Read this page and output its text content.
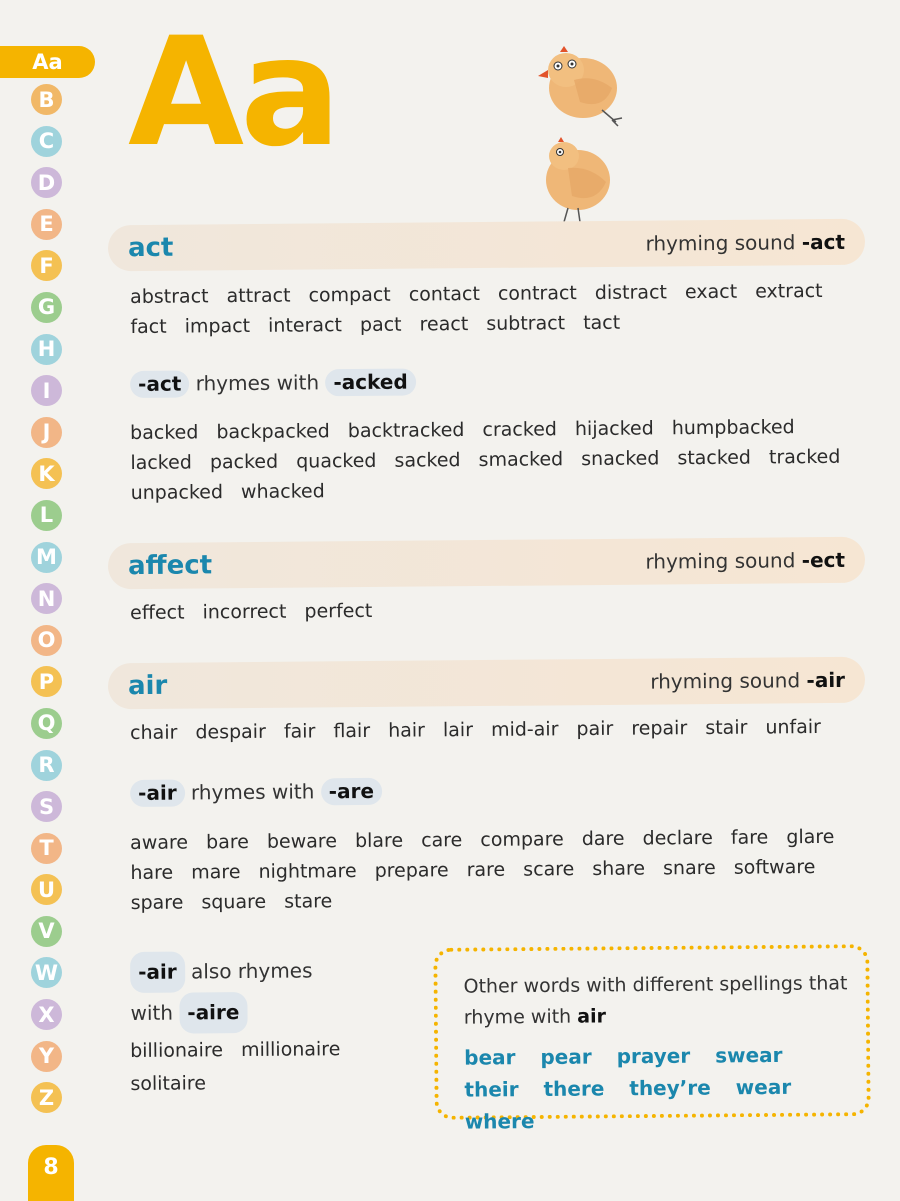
Aa
B
C
D
E
F
G
H
I
J
K
L
M
N
O
P
Q
R
S
T
U
V
W
X
Y
Z
Aa
act	rhyming sound -act
abstract attract compact contact contract distract exact extract fact impact interact pact react subtract tact
-act rhymes with -acked
backed backpacked backtracked cracked hijacked humpbacked lacked packed quacked sacked smacked snacked stacked tracked unpacked whacked
affect	rhyming sound -ect
effect incorrect perfect
air	rhyming sound -air
chair despair fair flair hair lair mid-air pair repair stair unfair
-air rhymes with -are
aware bare beware blare care compare dare declare fare glare hare mare nightmare prepare rare scare share snare software spare square stare
-air also rhymes
with -aire
billionaire millionaire solitaire
Other words with different spellings that rhyme with air
bear pear prayer swear their there they’re wear where
8
